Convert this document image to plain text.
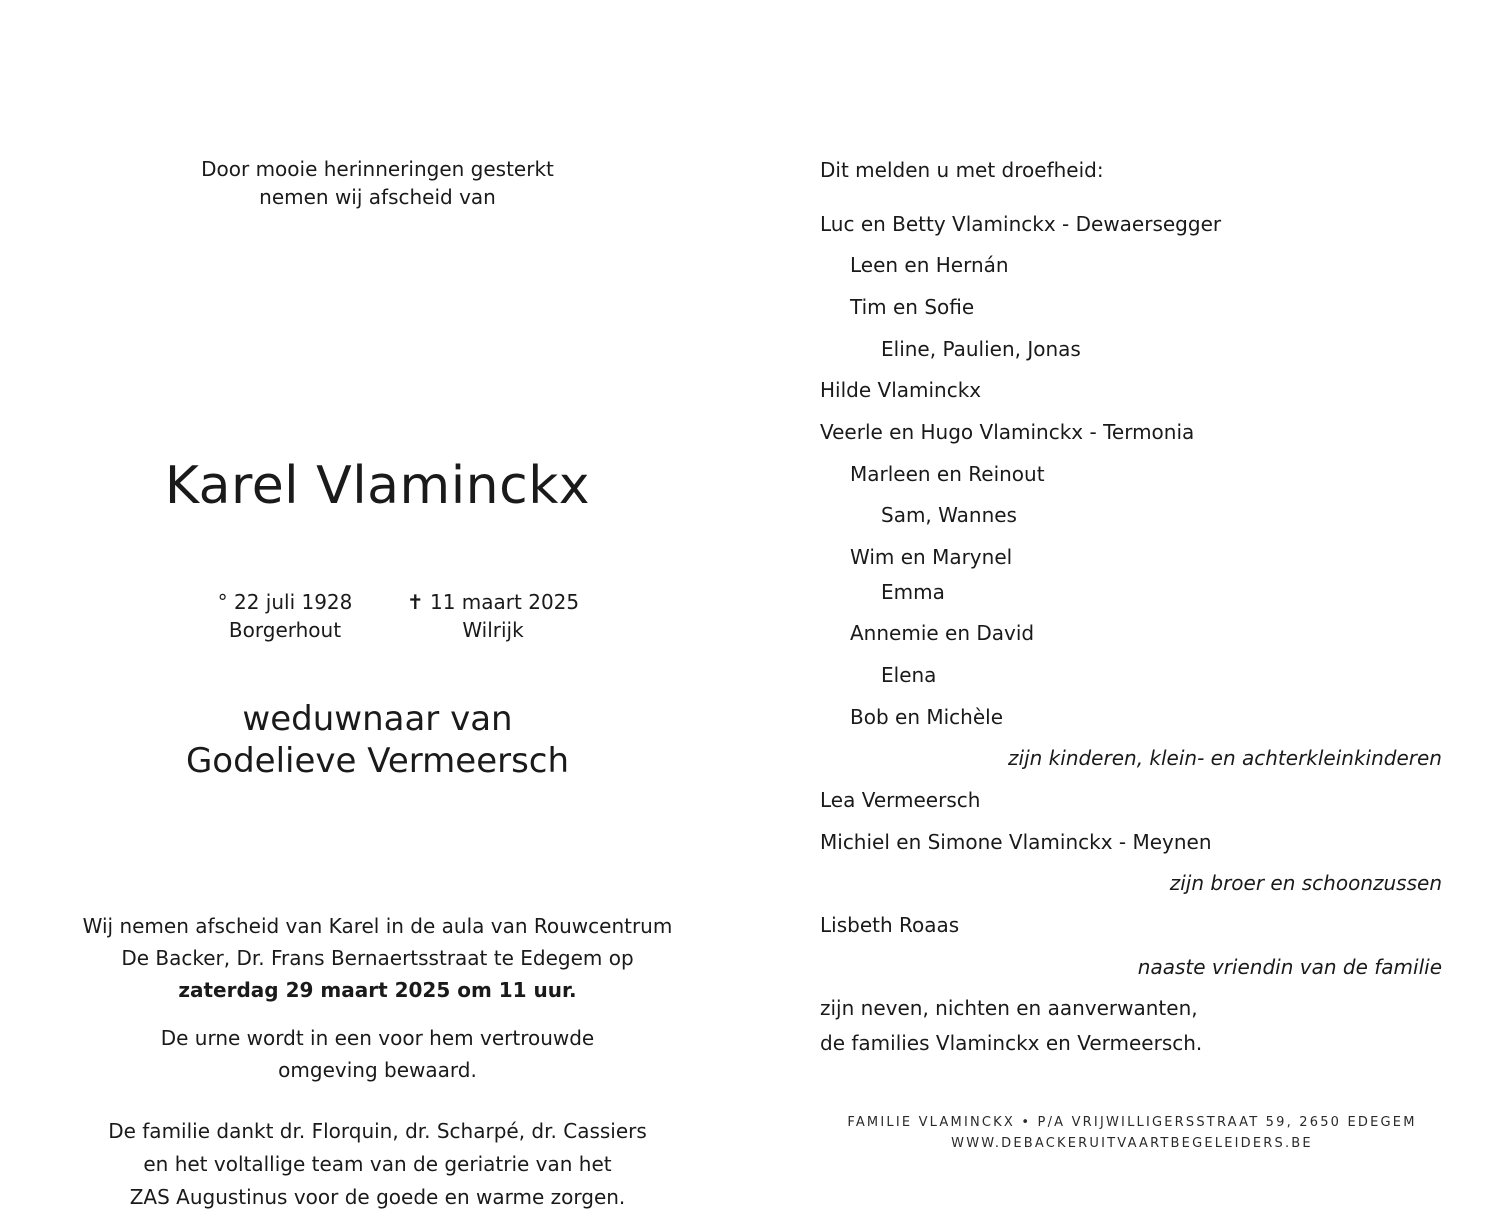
Door mooie herinneringen gesterkt
nemen wij afscheid van
Karel Vlaminckx
° 22 juli 1928
Borgerhout
✝ 11 maart 2025
Wilrijk
weduwnaar van
Godelieve Vermeersch
Wij nemen afscheid van Karel in de aula van Rouwcentrum
De Backer, Dr. Frans Bernaertsstraat te Edegem op
zaterdag 29 maart 2025 om 11 uur.
De urne wordt in een voor hem vertrouwde
omgeving bewaard.
De familie dankt dr. Florquin, dr. Scharpé, dr. Cassiers
en het voltallige team van de geriatrie van het
ZAS Augustinus voor de goede en warme zorgen.
Dit melden u met droefheid:
Luc en Betty Vlaminckx - Dewaersegger
Leen en Hernán
Tim en Sofie
Eline, Paulien, Jonas
Hilde Vlaminckx
Veerle en Hugo Vlaminckx - Termonia
Marleen en Reinout
Sam, Wannes
Wim en Marynel
Emma
Annemie en David
Elena
Bob en Michèle
zijn kinderen, klein- en achterkleinkinderen
Lea Vermeersch
Michiel en Simone Vlaminckx - Meynen
zijn broer en schoonzussen
Lisbeth Roaas
naaste vriendin van de familie
zijn neven, nichten en aanverwanten,
de families Vlaminckx en Vermeersch.
FAMILIE VLAMINCKX • P/A VRIJWILLIGERSSTRAAT 59, 2650 EDEGEM
WWW.DEBACKERUITVAARTBEGELEIDERS.BE
